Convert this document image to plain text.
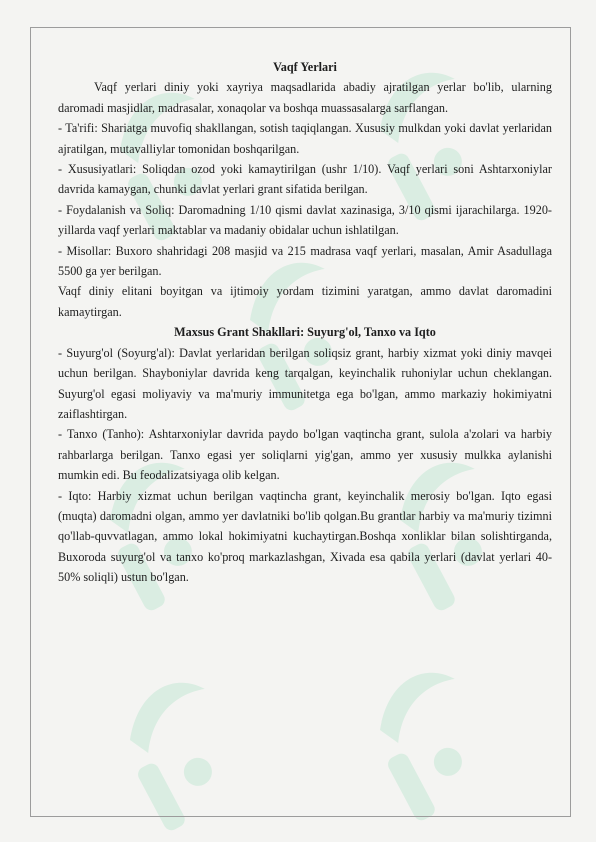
Vaqf Yerlari

Vaqf yerlari diniy yoki xayriya maqsadlarida abadiy ajratilgan yerlar bo'lib, ularning daromadi masjidlar, madrasalar, xonaqolar va boshqa muassasalarga sarflangan.

- Ta'rifi: Shariatga muvofiq shakllangan, sotish taqiqlangan. Xususiy mulkdan yoki davlat yerlaridan ajratilgan, mutavalliylar tomonidan boshqarilgan.

- Xususiyatlari: Soliqdan ozod yoki kamaytirilgan (ushr 1/10). Vaqf yerlari soni Ashtarxoniylar davrida kamaygan, chunki davlat yerlari grant sifatida berilgan.

- Foydalanish va Soliq: Daromadning 1/10 qismi davlat xazinasiga, 3/10 qismi ijarachilarga. 1920-yillarda vaqf yerlari maktablar va madaniy obidalar uchun ishlatilgan.

- Misollar: Buxoro shahridagi 208 masjid va 215 madrasa vaqf yerlari, masalan, Amir Asadullaga 5500 ga yer berilgan.

Vaqf diniy elitani boyitgan va ijtimoiy yordam tizimini yaratgan, ammo davlat daromadini kamaytirgan.

Maxsus Grant Shakllari: Suyurg'ol, Tanxo va Iqto

- Suyurg'ol (Soyurg'al): Davlat yerlaridan berilgan soliqsiz grant, harbiy xizmat yoki diniy mavqei uchun berilgan. Shayboniylar davrida keng tarqalgan, keyinchalik ruhoniylar uchun cheklangan. Suyurg'ol egasi moliyaviy va ma'muriy immunitetga ega bo'lgan, ammo markaziy hokimiyatni zaiflashtirgan.

- Tanxo (Tanho): Ashtarxoniylar davrida paydo bo'lgan vaqtincha grant, sulola a'zolari va harbiy rahbarlarga berilgan. Tanxo egasi yer soliqlarni yig'gan, ammo yer xususiy mulkka aylanishi mumkin edi. Bu feodalizatsiyaga olib kelgan.

- Iqto: Harbiy xizmat uchun berilgan vaqtincha grant, keyinchalik merosiy bo'lgan. Iqto egasi (muqta) daromadni olgan, ammo yer davlatniki bo'lib qolgan.Bu grantlar harbiy va ma'muriy tizimni qo'llab-quvvatlagan, ammo lokal hokimiyatni kuchaytirgan.Boshqa xonliklar bilan solishtirganda, Buxoroda suyurg'ol va tanxo ko'proq markazlashgan, Xivada esa qabila yerlari (davlat yerlari 40-50% soliqli) ustun bo'lgan.
